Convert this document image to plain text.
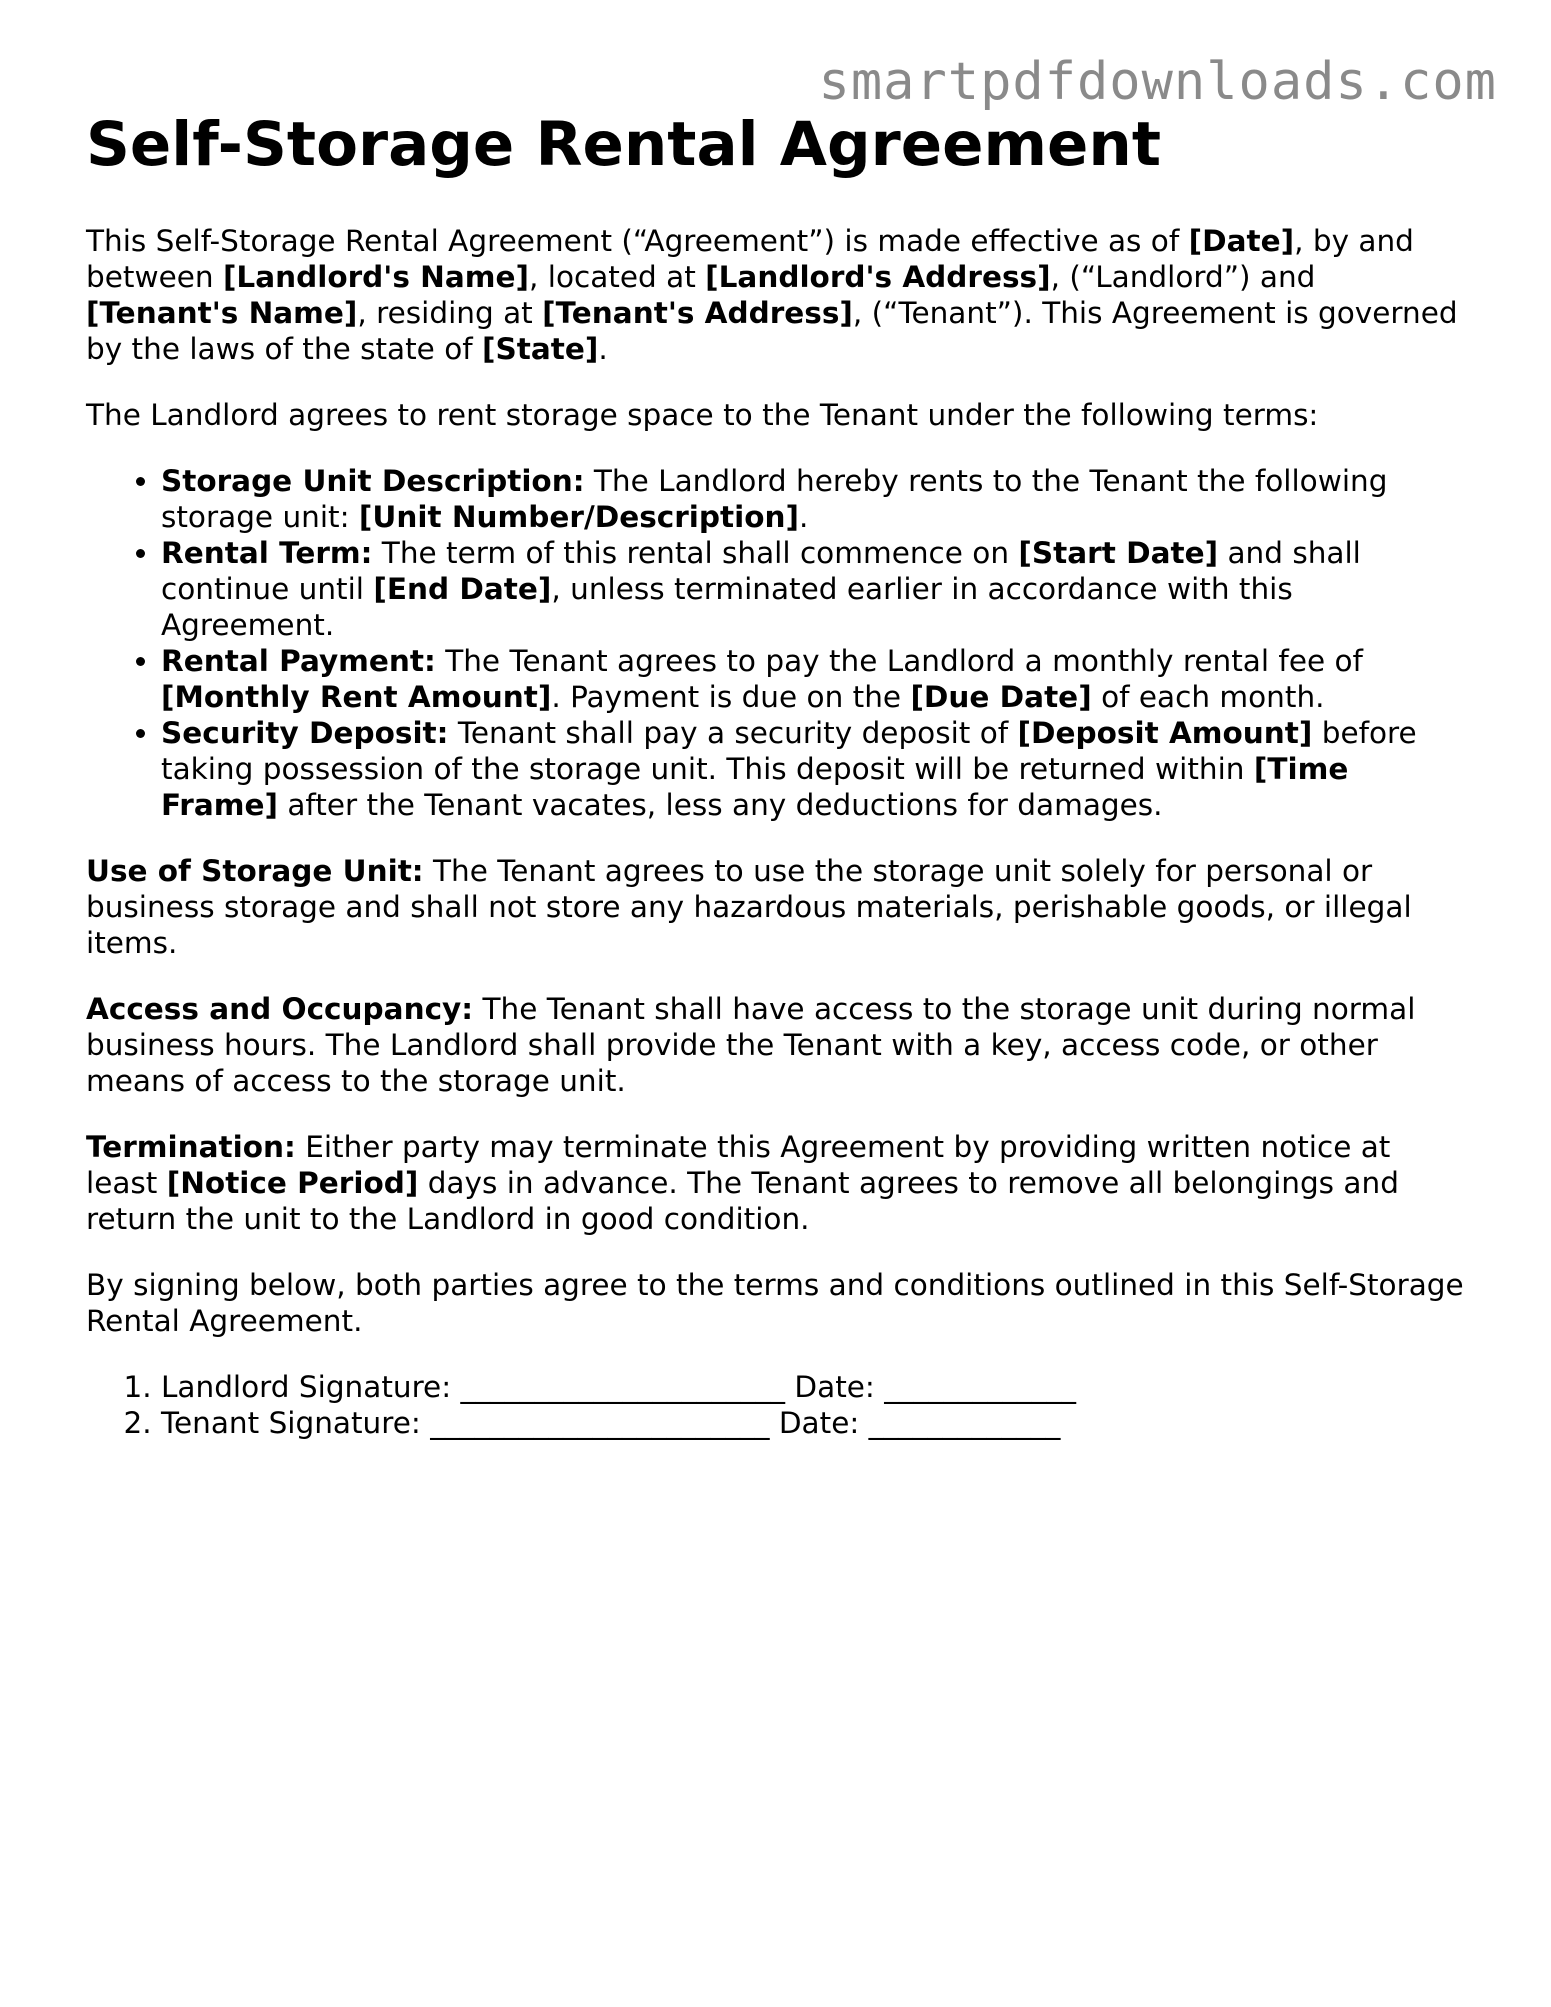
smartpdfdownloads.com
Self-Storage Rental Agreement

This Self-Storage Rental Agreement (“Agreement”) is made effective as of [Date], by and between [Landlord's Name], located at [Landlord's Address], (“Landlord”) and [Tenant's Name], residing at [Tenant's Address], (“Tenant”). This Agreement is governed by the laws of the state of [State].

The Landlord agrees to rent storage space to the Tenant under the following terms:

• Storage Unit Description: The Landlord hereby rents to the Tenant the following storage unit: [Unit Number/Description].
• Rental Term: The term of this rental shall commence on [Start Date] and shall continue until [End Date], unless terminated earlier in accordance with this Agreement.
• Rental Payment: The Tenant agrees to pay the Landlord a monthly rental fee of [Monthly Rent Amount]. Payment is due on the [Due Date] of each month.
• Security Deposit: Tenant shall pay a security deposit of [Deposit Amount] before taking possession of the storage unit. This deposit will be returned within [Time Frame] after the Tenant vacates, less any deductions for damages.

Use of Storage Unit: The Tenant agrees to use the storage unit solely for personal or business storage and shall not store any hazardous materials, perishable goods, or illegal items.

Access and Occupancy: The Tenant shall have access to the storage unit during normal business hours. The Landlord shall provide the Tenant with a key, access code, or other means of access to the storage unit.

Termination: Either party may terminate this Agreement by providing written notice at least [Notice Period] days in advance. The Tenant agrees to remove all belongings and return the unit to the Landlord in good condition.

By signing below, both parties agree to the terms and conditions outlined in this Self-Storage Rental Agreement.

1. Landlord Signature: ______________________ Date: _____________
2. Tenant Signature: _______________________ Date: _____________
